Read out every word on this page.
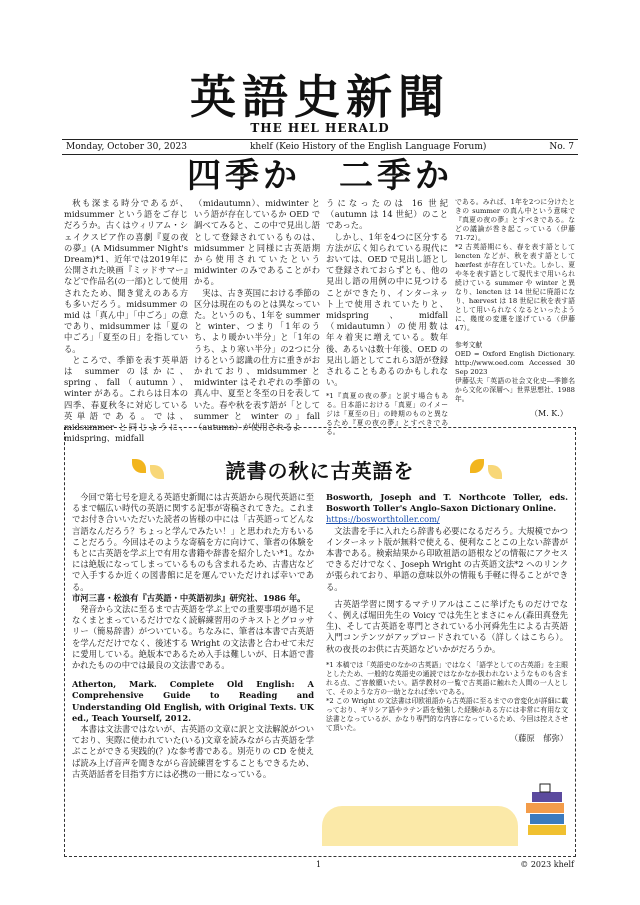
英語史新聞
THE HEL HERALD
Monday, October 30, 2023	khelf (Keio History of the English Language Forum)	No. 7
四季か　二季か

秋も深まる時分であるが、midsummer という語をご存じだろうか。古くはウィリアム・シェイクスピア作の喜劇『夏の夜の夢』(A Midsummer Night's Dream)*1、近年では2019年に公開された映画『ミッドサマー』などで作品名(の一部)として使用されたため、聞き覚えのある方も多いだろう。midsummer の mid は「真ん中」「中ごろ」の意であり、midsummer は「夏の中ごろ」「夏至の日」を指している。

ところで、季節を表す英単語は summer のほかに、spring、fall（autumn）、winter がある。これらは日本の四季、春夏秋冬に対応している英単語である。では、midsummer と同じように、midspring、midfall

（midautumn）、midwinter という語が存在しているか OED で調べてみると、この中で見出し語として登録されているものは、midsummer と同様に古英語期から使用されていたという midwinter のみであることがわかる。

実は、古き英国における季節の区分は現在のものとは異なっていた。というのも、1年を summer と winter、つまり「1年のうち、より暖かい半分」と「1年のうち、より寒い半分」の2つに分けるという認識の仕方に重きがおかれており、midsummer と midwinter はそれぞれの季節の真ん中、夏至と冬至の日を表していた。春や秋を表す語が「として summer と winter の」fall（autumn）が使用されるよ

うになったのは 16 世紀（autumn は 14 世紀）のことであった。

しかし、1年を4つに区分する方法が広く知られている現代においては、OED で見出し語として登録されておらずとも、他の見出し語の用例の中に見つけることができたり、インターネット上で使用されていたりと、midspring、midfall（midautumn）の使用数は年々着実に増えている。数年後、あるいは数十年後、OED の見出し語としてこれら3語が登録されることもあるのかもしれない。

*1『真夏の夜の夢』と訳す場合もある。日本語における「真夏」のイメージは「夏至の日」の時期のものと異なるため『夏の夜の夢』とすべきである。

である。みれば、1年を2つに分けたときの summer の真ん中という意味で『真夏の夜の夢』とすべきである。などの議論が巻き起こっている（伊藤 71-72）。

*2 古英語期にも、春を表す語として lencten などが、秋を表す語として hærfest が存在していた。しかし、夏や冬を表す語として現代まで用いられ続けている summer や winter と異なり、lencten は 14 世紀に廃語になり、hærvest は 18 世紀に秋を表す語として用いられなくなるといったように、幾度の変遷を遂げている（伊藤 47）。

参考文献

OED = Oxford English Dictionary. http://www.oed.com Accessed 30 Sep 2023

伊藤弘夫「英語の社会文化史―季節名から文化の深層へ」世界思想社、1988 年。

（M. K.）
読書の秋に古英語を

今回で第七号を迎える英語史新聞には古英語から現代英語に至るまで幅広い時代の英語に関する記事が寄稿されてきた。これまでお付き合いいただいた読者の皆様の中には「古英語ってどんな言語なんだろう？ちょっと学んでみたい！」と思われた方もいることだろう。今回はそのような寄稿を方に向けて、筆者の体験をもとに古英語を学ぶ上で有用な書籍や辞書を紹介したい*1。なかには絶版になってしまっているものも含まれるため、古書店などで入手するか近くの図書館に足を運んでいただければ幸いである。

市河三喜・松浪有『古英語・中英語初歩』研究社、1986 年。

発音から文法に至るまで古英語を学ぶ上での重要事項が過不足なくまとまっているだけでなく読解練習用のテキストとグロッサリー（簡易辞書）がついている。ちなみに、筆者は本書で古英語を学んだだけでなく、後述する Wright の文法書と合わせて未だに愛用している。絶版本であるため入手は難しいが、日本語で書かれたものの中では最良の文法書である。

Atherton, Mark. Complete Old English: A Comprehensive Guide to Reading and Understanding Old English, with Original Texts. UK ed., Teach Yourself, 2012.

本書は文法書ではないが、古英語の文章に訳と文法解説がついており、実際に使われていた(いる)文章を読みながら古英語を学ぶことができる実践的(？)な参考書である。別売りの CD を使えば読み上げ音声を聞きながら音読練習をすることもできるため、古英語話者を目指す方には必携の一冊になっている。

Bosworth, Joseph and T. Northcote Toller, eds. Bosworth Toller's Anglo-Saxon Dictionary Online.

https://bosworthtoller.com/

文法書を手に入れたら辞書も必要になるだろう。大規模でかつインターネット版が無料で使える、便利なことこの上ない辞書が本書である。検索結果から印欧祖語の語根などの情報にアクセスできるだけでなく、Joseph Wright の古英語文法*2 へのリンクが張られており、単語の意味以外の情報も手軽に得ることができる。

古英語学習に関するマテリアルはここに挙げたものだけでなく、例えば堀田先生の Voicy では先生とまさにゃん(森田真登先生)、そして古英語を専門とされている小河舜先生による古英語入門コンテンツがアップロードされている（詳しくはこちら）。秋の夜長のお供に古英語などいかがだろうか。

*1 本稿では「英語史のなかの古英語」ではなく「語学としての古英語」を主眼としたため、一般的な英語史の通読ではなかなか扱われないようなものも含まれる点、ご容赦願いたい。語学教材の一覧で古英語に触れた人間の一人として、そのような方の一助となれば幸いである。

*2 この Wright の文法書は印欧祖語から古英語に至るまでの音変化が詳細に載っており、ギリシア語やラテン語を勉強した経験がある方には非常に有用な文法書となっているが、かなり専門的な内容になっているため、今回は控えさせて頂いた。

（藤原　郁弥）

1	© 2023 khelf
